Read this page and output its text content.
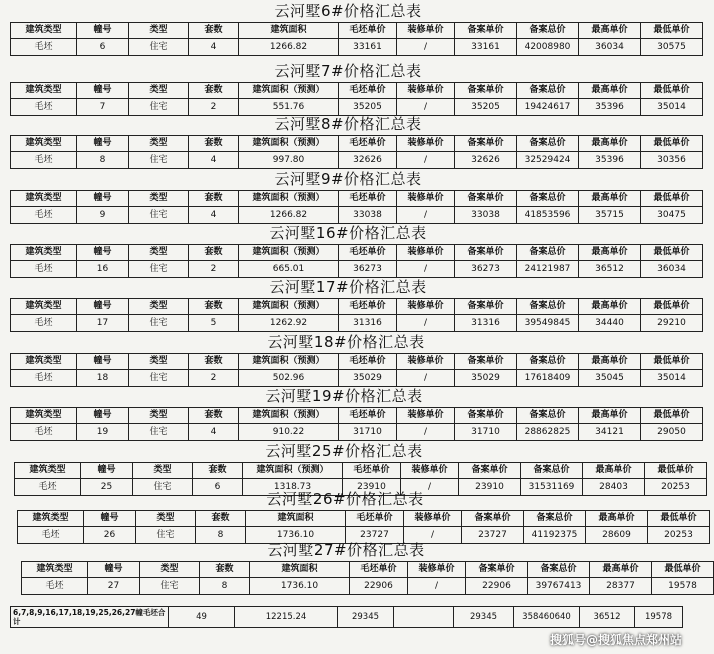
云河墅6#价格汇总表
建筑类型	幢号	类型	套数	建筑面积	毛坯单价	装修单价	备案单价	备案总价	最高单价	最低单价
毛坯	6	住宅	4	1266.82	33161	/	33161	42008980	36034	30575
云河墅7#价格汇总表
建筑类型	幢号	类型	套数	建筑面积（预测）	毛坯单价	装修单价	备案单价	备案总价	最高单价	最低单价
毛坯	7	住宅	2	551.76	35205	/	35205	19424617	35396	35014
云河墅8#价格汇总表
建筑类型	幢号	类型	套数	建筑面积（预测）	毛坯单价	装修单价	备案单价	备案总价	最高单价	最低单价
毛坯	8	住宅	4	997.80	32626	/	32626	32529424	35396	30356
云河墅9#价格汇总表
建筑类型	幢号	类型	套数	建筑面积（预测）	毛坯单价	装修单价	备案单价	备案总价	最高单价	最低单价
毛坯	9	住宅	4	1266.82	33038	/	33038	41853596	35715	30475
云河墅16#价格汇总表
建筑类型	幢号	类型	套数	建筑面积（预测）	毛坯单价	装修单价	备案单价	备案总价	最高单价	最低单价
毛坯	16	住宅	2	665.01	36273	/	36273	24121987	36512	36034
云河墅17#价格汇总表
建筑类型	幢号	类型	套数	建筑面积（预测）	毛坯单价	装修单价	备案单价	备案总价	最高单价	最低单价
毛坯	17	住宅	5	1262.92	31316	/	31316	39549845	34440	29210
云河墅18#价格汇总表
建筑类型	幢号	类型	套数	建筑面积（预测）	毛坯单价	装修单价	备案单价	备案总价	最高单价	最低单价
毛坯	18	住宅	2	502.96	35029	/	35029	17618409	35045	35014
云河墅19#价格汇总表
建筑类型	幢号	类型	套数	建筑面积（预测）	毛坯单价	装修单价	备案单价	备案总价	最高单价	最低单价
毛坯	19	住宅	4	910.22	31710	/	31710	28862825	34121	29050
云河墅25#价格汇总表
建筑类型	幢号	类型	套数	建筑面积（预测）	毛坯单价	装修单价	备案单价	备案总价	最高单价	最低单价
毛坯	25	住宅	6	1318.73	23910	/	23910	31531169	28403	20253
云河墅26#价格汇总表
建筑类型	幢号	类型	套数	建筑面积	毛坯单价	装修单价	备案单价	备案总价	最高单价	最低单价
毛坯	26	住宅	8	1736.10	23727	/	23727	41192375	28609	20253
云河墅27#价格汇总表
建筑类型	幢号	类型	套数	建筑面积	毛坯单价	装修单价	备案单价	备案总价	最高单价	最低单价
毛坯	27	住宅	8	1736.10	22906	/	22906	39767413	28377	19578
6,7,8,9,16,17,18,19,25,26,27幢毛坯合计	49	12215.24	29345		29345	358460640	36512	19578
搜狐号@搜狐焦点郑州站
